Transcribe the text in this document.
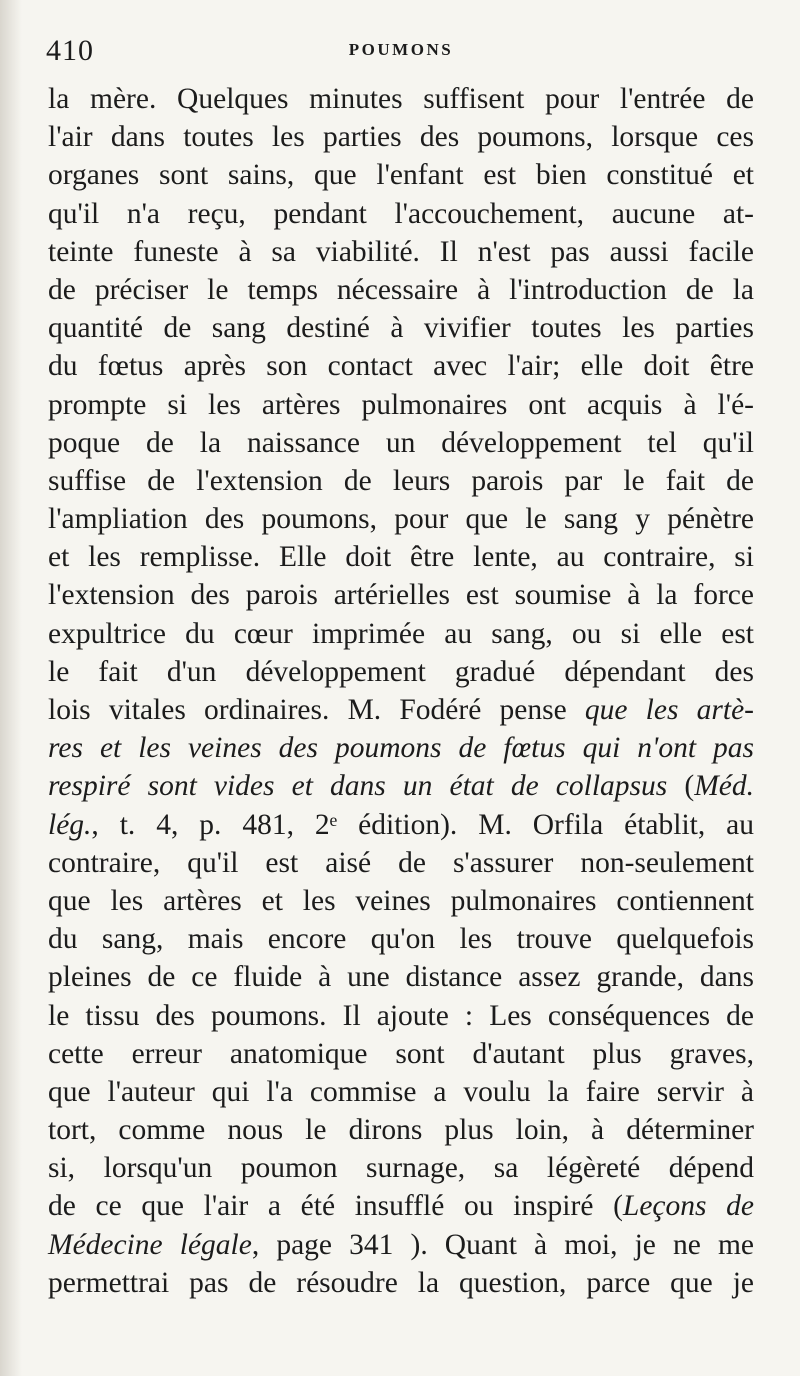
410	POUMONS
la mère. Quelques minutes suffisent pour l'entrée de
l'air dans toutes les parties des poumons, lorsque ces
organes sont sains, que l'enfant est bien constitué et
qu'il n'a reçu, pendant l'accouchement, aucune at-
teinte funeste à sa viabilité. Il n'est pas aussi facile
de préciser le temps nécessaire à l'introduction de la
quantité de sang destiné à vivifier toutes les parties
du fœtus après son contact avec l'air; elle doit être
prompte si les artères pulmonaires ont acquis à l'é-
poque de la naissance un développement tel qu'il
suffise de l'extension de leurs parois par le fait de
l'ampliation des poumons, pour que le sang y pénètre
et les remplisse. Elle doit être lente, au contraire, si
l'extension des parois artérielles est soumise à la force
expultrice du cœur imprimée au sang, ou si elle est
le fait d'un développement gradué dépendant des
lois vitales ordinaires. M. Fodéré pense que les artè-
res et les veines des poumons de fœtus qui n'ont pas
respiré sont vides et dans un état de collapsus (Méd.
lég., t. 4, p. 481, 2ᵉ édition). M. Orfila établit, au
contraire, qu'il est aisé de s'assurer non-seulement
que les artères et les veines pulmonaires contiennent
du sang, mais encore qu'on les trouve quelquefois
pleines de ce fluide à une distance assez grande, dans
le tissu des poumons. Il ajoute : Les conséquences de
cette erreur anatomique sont d'autant plus graves,
que l'auteur qui l'a commise a voulu la faire servir à
tort, comme nous le dirons plus loin, à déterminer
si, lorsqu'un poumon surnage, sa légèreté dépend
de ce que l'air a été insufflé ou inspiré (Leçons de
Médecine légale, page 341 ). Quant à moi, je ne me
permettrai pas de résoudre la question, parce que je
